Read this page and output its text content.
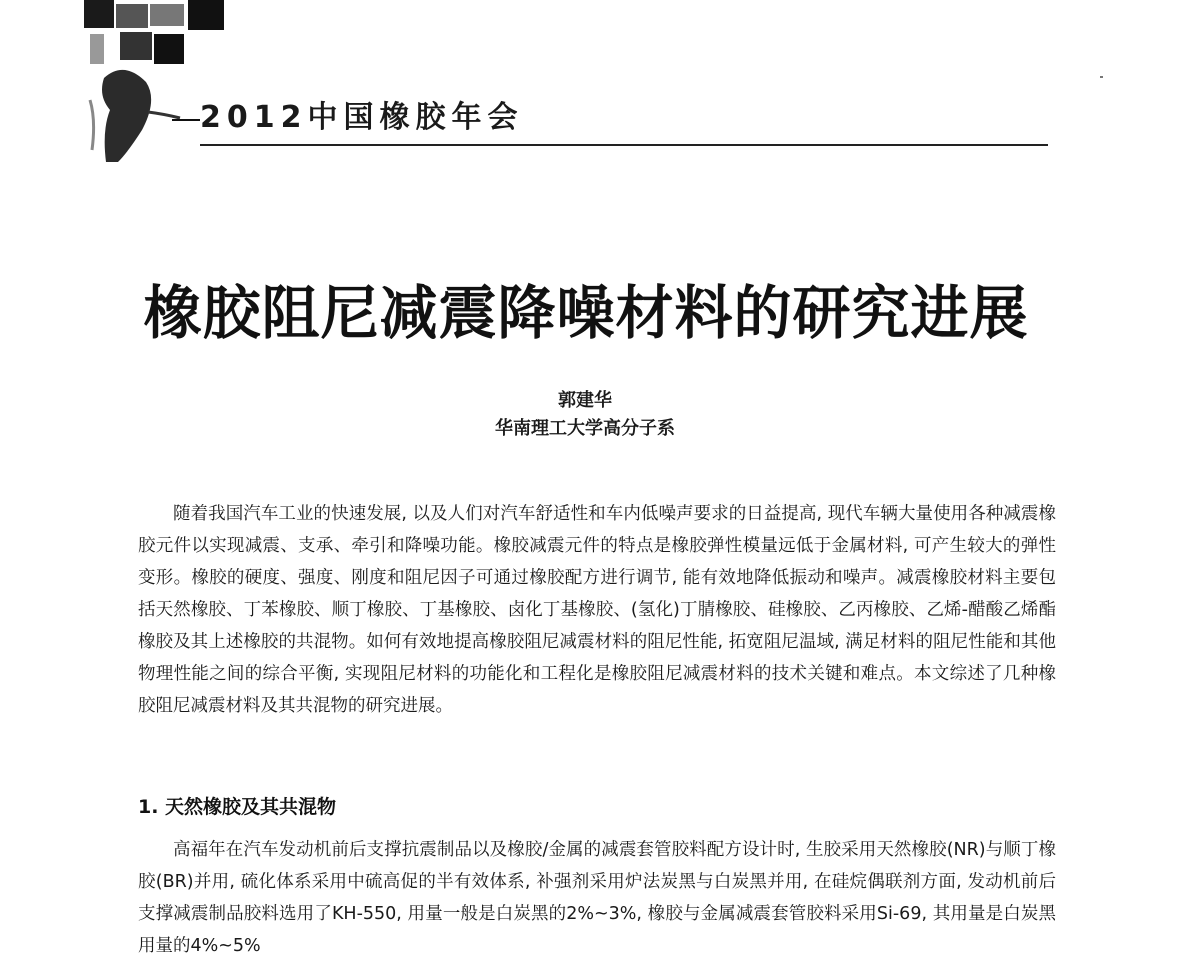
2012中国橡胶年会
橡胶阻尼减震降噪材料的研究进展
郭建华
华南理工大学高分子系

随着我国汽车工业的快速发展, 以及人们对汽车舒适性和车内低噪声要求的日益提高, 现代车辆大量使用各种减震橡胶元件以实现减震、支承、牵引和降噪功能。橡胶减震元件的特点是橡胶弹性模量远低于金属材料, 可产生较大的弹性变形。橡胶的硬度、强度、刚度和阻尼因子可通过橡胶配方进行调节, 能有效地降低振动和噪声。减震橡胶材料主要包括天然橡胶、丁苯橡胶、顺丁橡胶、丁基橡胶、卤化丁基橡胶、(氢化)丁腈橡胶、硅橡胶、乙丙橡胶、乙烯-醋酸乙烯酯橡胶及其上述橡胶的共混物。如何有效地提高橡胶阻尼减震材料的阻尼性能, 拓宽阻尼温域, 满足材料的阻尼性能和其他物理性能之间的综合平衡, 实现阻尼材料的功能化和工程化是橡胶阻尼减震材料的技术关键和难点。本文综述了几种橡胶阻尼减震材料及其共混物的研究进展。

1. 天然橡胶及其共混物

高福年在汽车发动机前后支撑抗震制品以及橡胶/金属的减震套管胶料配方设计时, 生胶采用天然橡胶(NR)与顺丁橡胶(BR)并用, 硫化体系采用中硫高促的半有效体系, 补强剂采用炉法炭黑与白炭黑并用, 在硅烷偶联剂方面, 发动机前后支撑减震制品胶料选用了KH-550, 用量一般是白炭黑的2%~3%, 橡胶与金属减震套管胶料采用Si-69, 其用量是白炭黑用量的4%~5%
